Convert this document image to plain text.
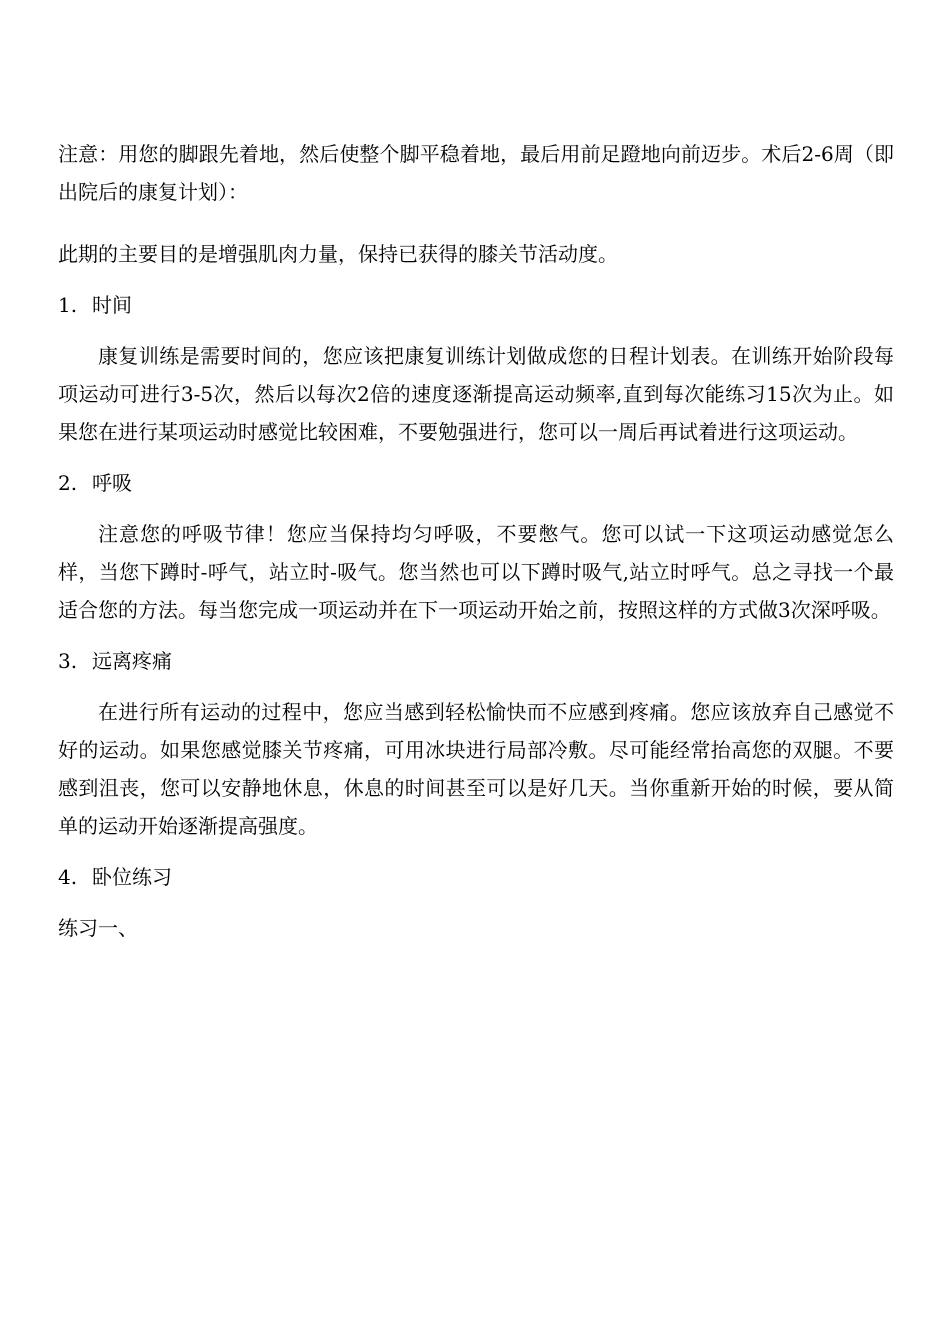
注意：用您的脚跟先着地，然后使整个脚平稳着地，最后用前足蹬地向前迈步。术后2-6周（即出院后的康复计划）：

此期的主要目的是增强肌肉力量，保持已获得的膝关节活动度。

1. 时间

康复训练是需要时间的，您应该把康复训练计划做成您的日程计划表。在训练开始阶段每项运动可进行3-5次，然后以每次2倍的速度逐渐提高运动频率,直到每次能练习15次为止。如果您在进行某项运动时感觉比较困难，不要勉强进行，您可以一周后再试着进行这项运动。

2. 呼吸

注意您的呼吸节律！您应当保持均匀呼吸，不要憋气。您可以试一下这项运动感觉怎么样，当您下蹲时-呼气，站立时-吸气。您当然也可以下蹲时吸气,站立时呼气。总之寻找一个最适合您的方法。每当您完成一项运动并在下一项运动开始之前，按照这样的方式做3次深呼吸。

3. 远离疼痛

在进行所有运动的过程中，您应当感到轻松愉快而不应感到疼痛。您应该放弃自己感觉不好的运动。如果您感觉膝关节疼痛，可用冰块进行局部冷敷。尽可能经常抬高您的双腿。不要感到沮丧，您可以安静地休息，休息的时间甚至可以是好几天。当你重新开始的时候，要从简单的运动开始逐渐提高强度。

4. 卧位练习

练习一、
